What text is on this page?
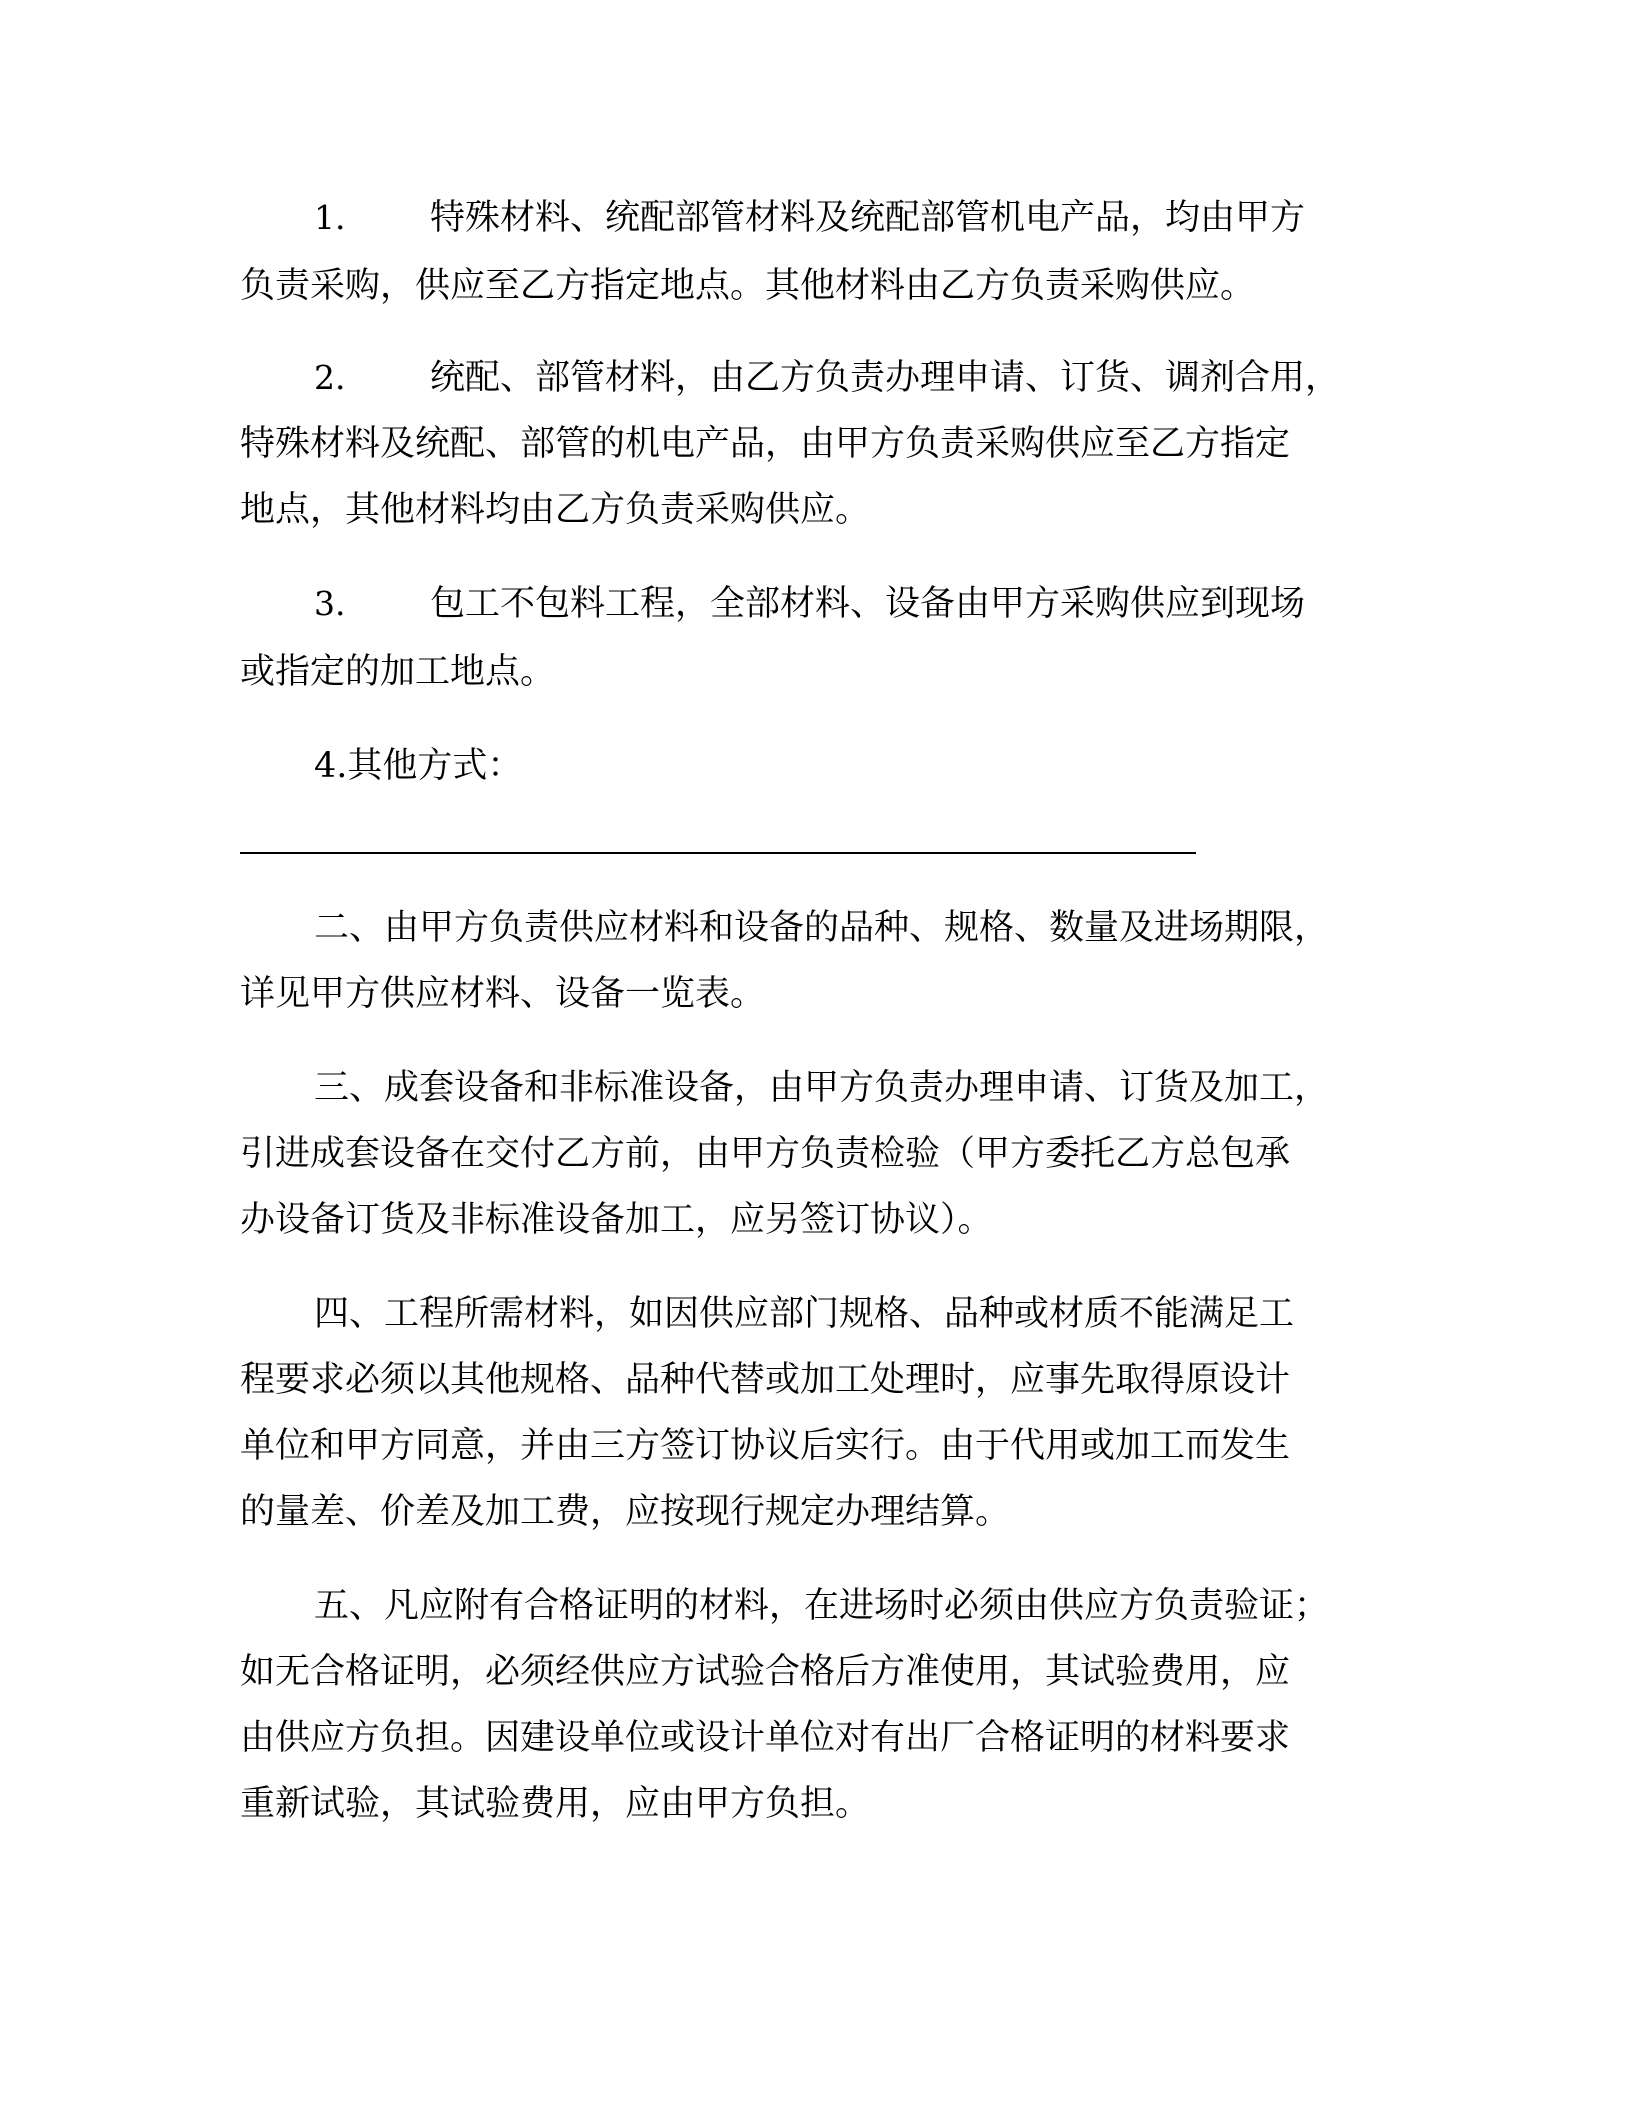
1. 特殊材料、统配部管材料及统配部管机电产品，均由甲方
负责采购，供应至乙方指定地点。其他材料由乙方负责采购供应。
2. 统配、部管材料，由乙方负责办理申请、订货、调剂合用，
特殊材料及统配、部管的机电产品，由甲方负责采购供应至乙方指定
地点，其他材料均由乙方负责采购供应。
3. 包工不包料工程，全部材料、设备由甲方采购供应到现场
或指定的加工地点。
4.其他方式：
二、由甲方负责供应材料和设备的品种、规格、数量及进场期限，
详见甲方供应材料、设备一览表。
三、成套设备和非标准设备，由甲方负责办理申请、订货及加工，
引进成套设备在交付乙方前，由甲方负责检验（甲方委托乙方总包承
办设备订货及非标准设备加工，应另签订协议）。
四、工程所需材料，如因供应部门规格、品种或材质不能满足工
程要求必须以其他规格、品种代替或加工处理时，应事先取得原设计
单位和甲方同意，并由三方签订协议后实行。由于代用或加工而发生
的量差、价差及加工费，应按现行规定办理结算。
五、凡应附有合格证明的材料，在进场时必须由供应方负责验证；
如无合格证明，必须经供应方试验合格后方准使用，其试验费用，应
由供应方负担。因建设单位或设计单位对有出厂合格证明的材料要求
重新试验，其试验费用，应由甲方负担。
